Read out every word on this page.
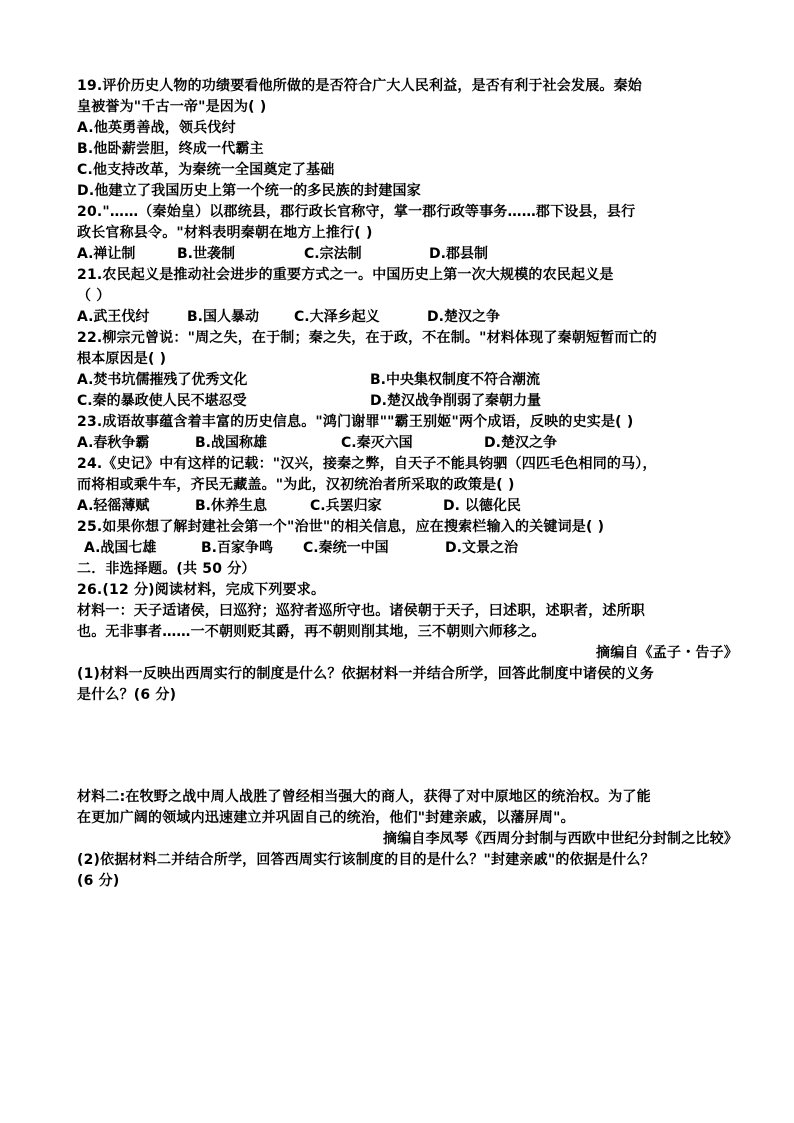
19.评价历史人物的功绩要看他所做的是否符合广大人民利益，是否有利于社会发展。秦始
皇被誉为"千古一帝"是因为( )
A.他英勇善战，领兵伐纣
B.他卧薪尝胆，终成一代霸主
C.他支持改革，为秦统一全国奠定了基础
D.他建立了我国历史上第一个统一的多民族的封建国家
20."……（秦始皇）以郡统县，郡行政长官称守，掌一郡行政等事务……郡下设县，县行
政长官称县令。"材料表明秦朝在地方上推行( )
A.禅让制	B.世袭制	C.宗法制	D.郡县制
21.农民起义是推动社会进步的重要方式之一。中国历史上第一次大规模的农民起义是
（ ）
A.武王伐纣	B.国人暴动	C.大泽乡起义	D.楚汉之争
22.柳宗元曾说："周之失，在于制；秦之失，在于政，不在制。"材料体现了秦朝短暂而亡的
根本原因是( )
A.焚书坑儒摧残了优秀文化	B.中央集权制度不符合潮流
C.秦的暴政使人民不堪忍受	D.楚汉战争削弱了秦朝力量
23.成语故事蕴含着丰富的历史信息。"鸿门谢罪""霸王别姬"两个成语，反映的史实是( )
A.春秋争霸	B.战国称雄	C.秦灭六国	D.楚汉之争
24.《史记》中有这样的记载："汉兴，接秦之弊，自天子不能具钧驷（四匹毛色相同的马），
而将相或乘牛车，齐民无藏盖。"为此，汉初统治者所采取的政策是( )
A.轻徭薄赋	B.休养生息	C.兵罢归家	D. 以德化民
25.如果你想了解封建社会第一个"治世"的相关信息，应在搜索栏输入的关键词是( )
A.战国七雄	B.百家争鸣 C.秦统一中国	D.文景之治
二．非选择题。(共 50 分）
26.(12 分)阅读材料，完成下列要求。
材料一：天子适诸侯，曰巡狩；巡狩者巡所守也。诸侯朝于天子，曰述职，述职者，述所职
也。无非事者……一不朝则贬其爵，再不朝则削其地，三不朝则六师移之。
摘编自《孟子・告子》
(1)材料一反映出西周实行的制度是什么？依据材料一并结合所学，回答此制度中诸侯的义务
是什么？(6 分)
材料二:在牧野之战中周人战胜了曾经相当强大的商人，获得了对中原地区的统治权。为了能
在更加广阔的领域内迅速建立并巩固自己的统治，他们"封建亲戚，以藩屏周"。
摘编自李凤琴《西周分封制与西欧中世纪分封制之比较》
(2)依据材料二并结合所学，回答西周实行该制度的目的是什么？"封建亲戚"的依据是什么？
(6 分)
